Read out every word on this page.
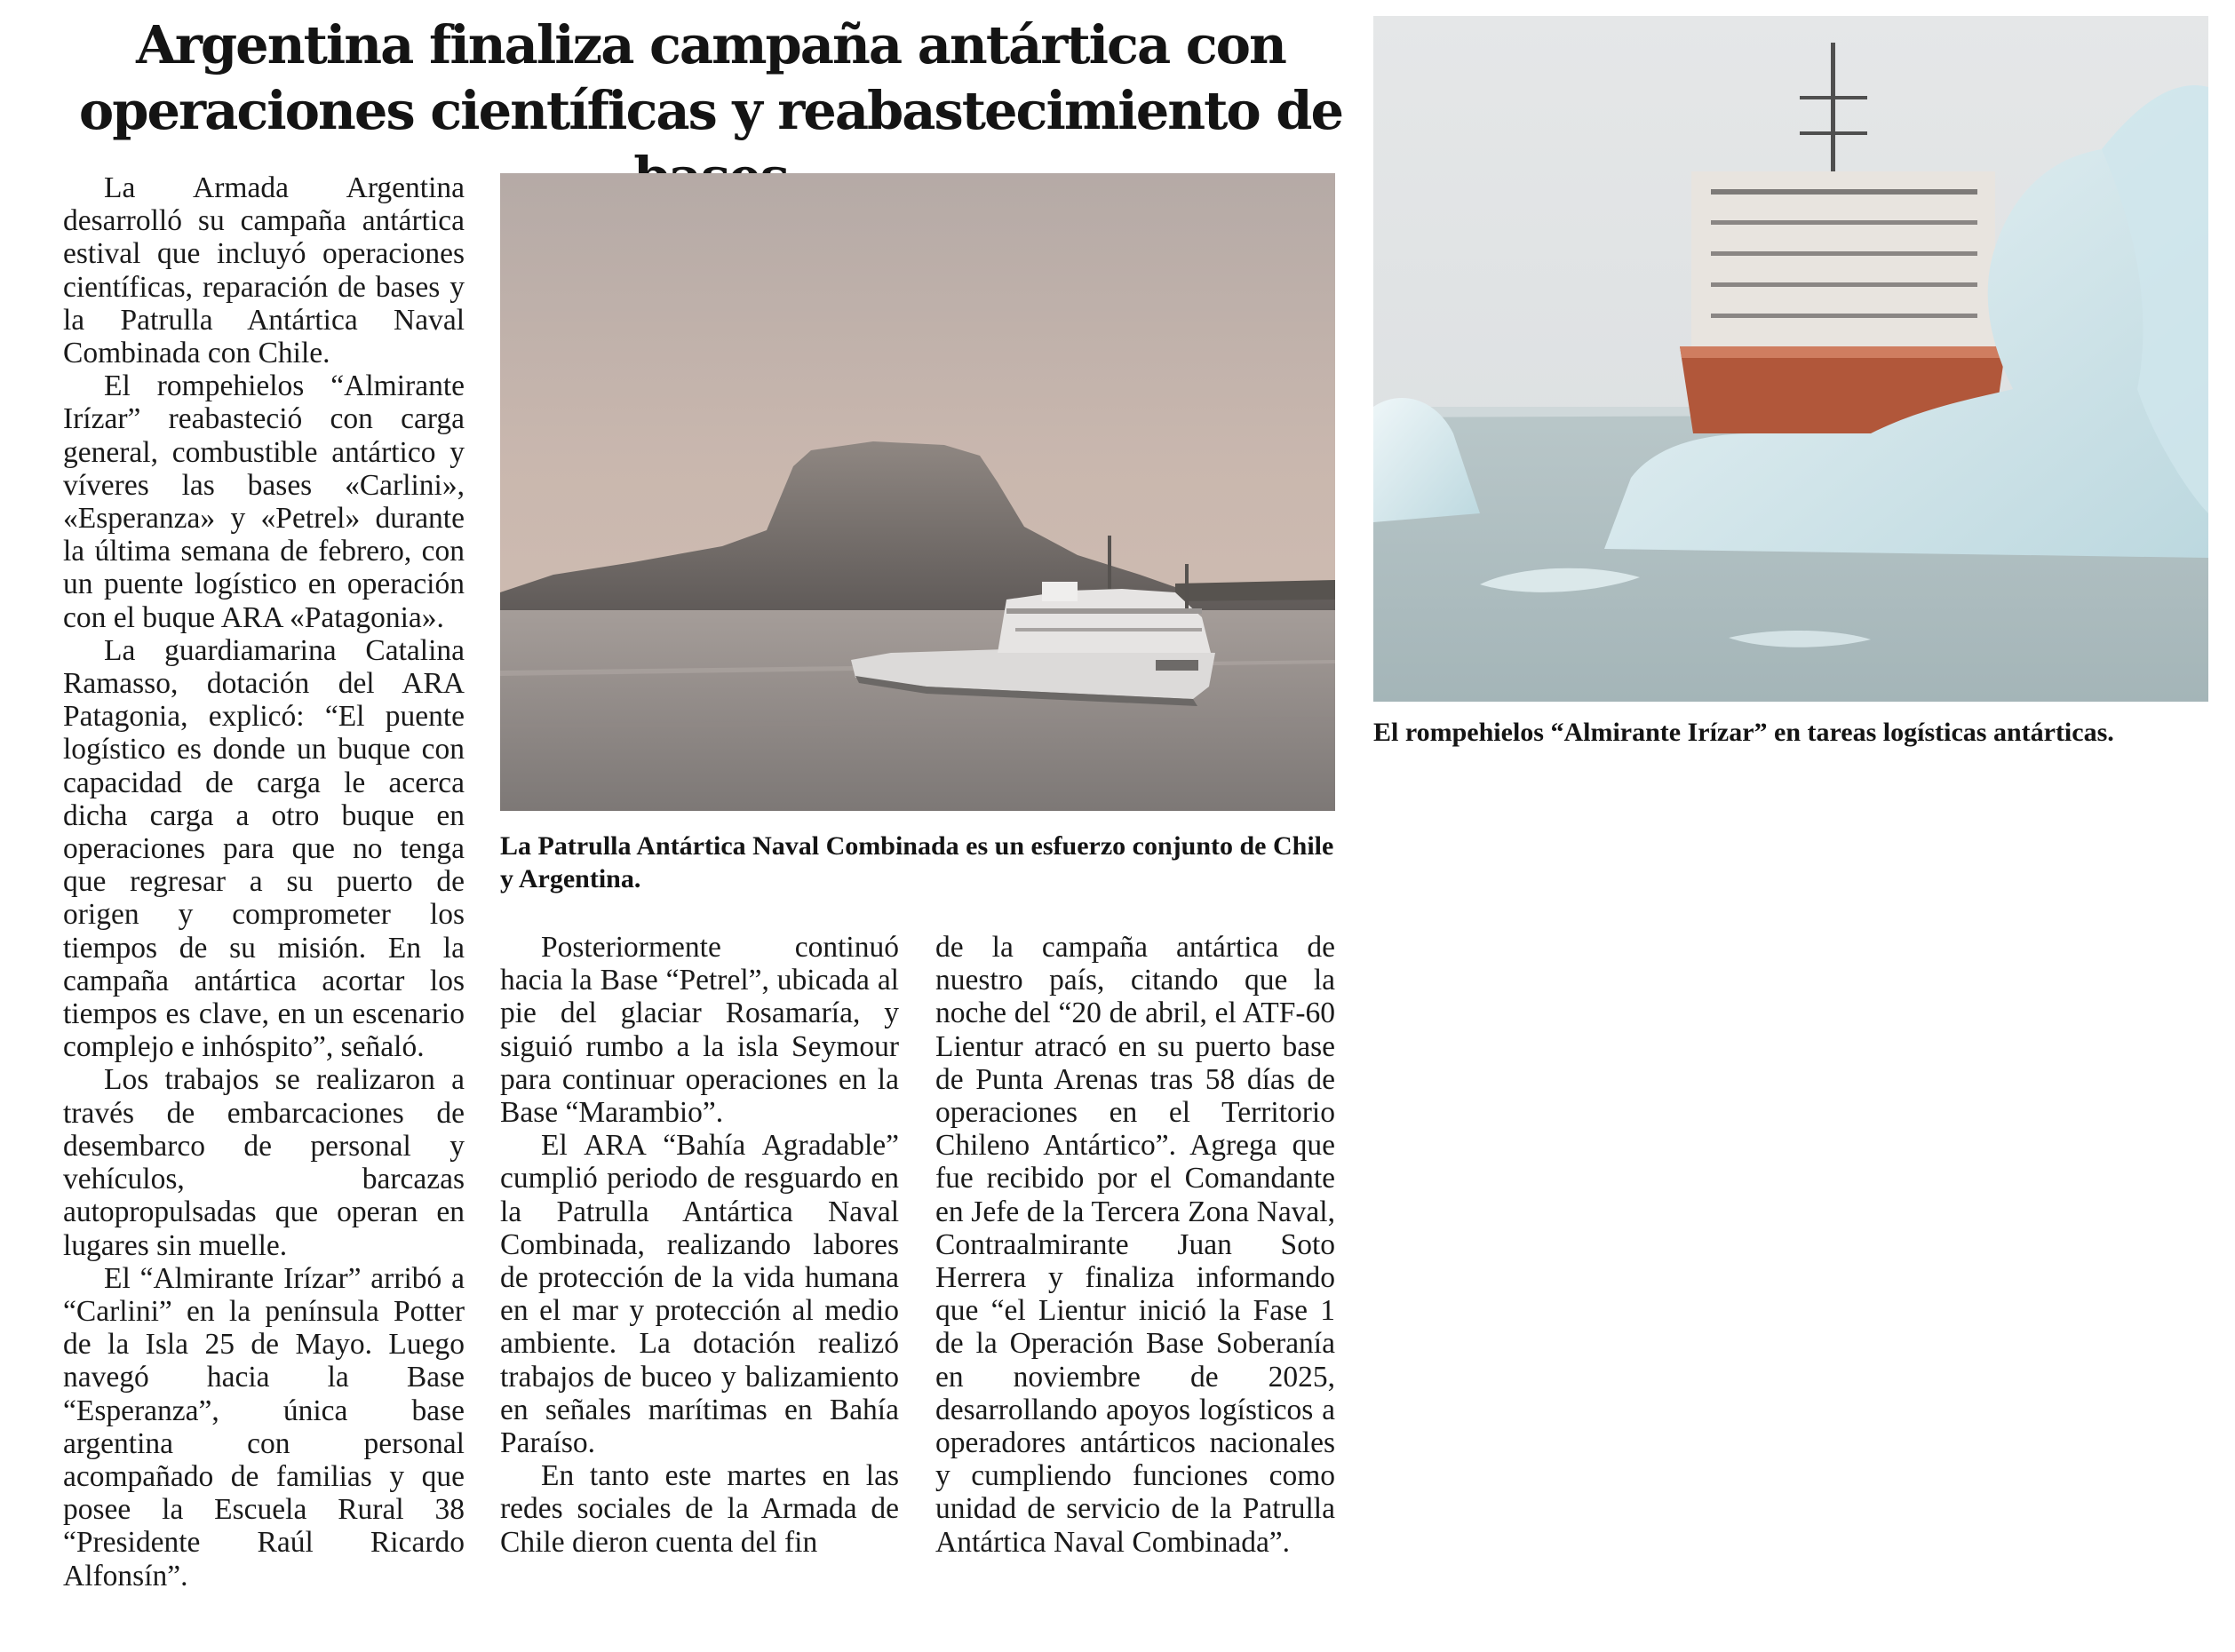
Argentina finaliza campaña antártica con
operaciones científicas y reabastecimiento de

La Armada Argentina desarrolló su campaña antártica estival que incluyó operaciones científicas, reparación de bases y la Patrulla Antártica Naval Combinada con Chile.

El rompehielos “Almirante Irízar” reabasteció con carga general, combustible antártico y víveres las bases «Carlini», «Esperanza» y «Petrel» durante la última semana de febrero, con un puente logístico en operación con el buque ARA «Patagonia».

La guardiamarina Catalina Ramasso, dotación del ARA Patagonia, explicó: “El puente logístico es donde un buque con capacidad de carga le acerca dicha carga a otro buque en operaciones para que no tenga que regresar a su puerto de origen y comprometer los tiempos de su misión. En la campaña antártica acortar los tiempos es clave, en un escenario complejo e inhóspito”, señaló.

Los trabajos se realizaron a través de embarcaciones de desembarco de personal y vehículos, barcazas autopropulsadas que operan en lugares sin muelle.

El “Almirante Irízar” arribó a “Carlini” en la península Potter de la Isla 25 de Mayo. Luego navegó hacia la Base “Esperanza”, única base argentina con personal acompañado de familias y que posee la Escuela Rural 38 “Presidente Raúl Ricardo Alfonsín”.

La Patrulla Antártica Naval Combinada es un esfuerzo conjunto de Chile y Argentina.

Posteriormente continuó hacia la Base “Petrel”, ubicada al pie del glaciar Rosamaría, y siguió rumbo a la isla Seymour para continuar operaciones en la Base “Marambio”.

El ARA “Bahía Agradable” cumplió periodo de resguardo en la Patrulla Antártica Naval Combinada, realizando labores de protección de la vida humana en el mar y protección al medio ambiente. La dotación realizó trabajos de buceo y balizamiento en señales marítimas en Bahía Paraíso.

En tanto este martes en las redes sociales de la Armada de Chile dieron cuenta del fin

de la campaña antártica de nuestro país, citando que la noche del “20 de abril, el ATF-60 Lientur atracó en su puerto base de Punta Arenas tras 58 días de operaciones en el Territorio Chileno Antártico”. Agrega que fue recibido por el Comandante en Jefe de la Tercera Zona Naval, Contraalmirante Juan Soto Herrera y finaliza informando que “el Lientur inició la Fase 1 de la Operación Base Soberanía en noviembre de 2025, desarrollando apoyos logísticos a operadores antárticos nacionales y cumpliendo funciones como unidad de servicio de la Patrulla Antártica Naval Combinada”.

El rompehielos “Almirante Irízar” en tareas logísticas antárticas.
